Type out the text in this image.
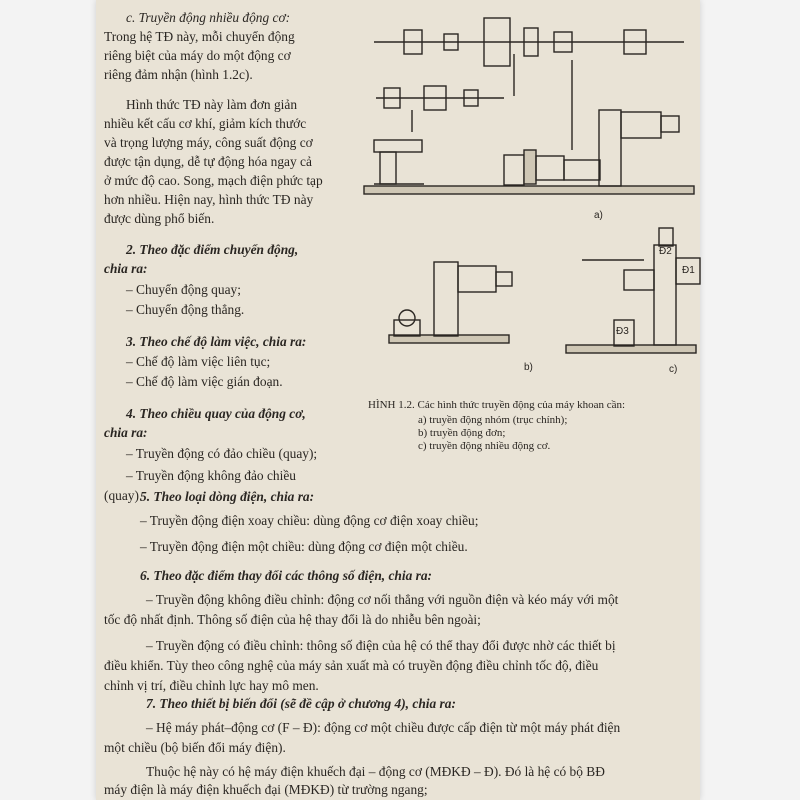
c. Truyền động nhiều động cơ:
Trong hệ TĐ này, mỗi chuyển động
riêng biệt của máy do một động cơ
riêng đảm nhận (hình 1.2c).
Hình thức TĐ này làm đơn giản
nhiều kết cấu cơ khí, giảm kích thước
và trọng lượng máy, công suất động cơ
được tận dụng, dễ tự động hóa ngay cả
ở mức độ cao. Song, mạch điện phức tạp
hơn nhiều. Hiện nay, hình thức TĐ này
được dùng phổ biến.
2. Theo đặc điểm chuyển động,
chia ra:
– Chuyển động quay;
– Chuyển động thẳng.
3. Theo chế độ làm việc, chia ra:
– Chế độ làm việc liên tục;
– Chế độ làm việc gián đoạn.
4. Theo chiều quay của động cơ,
chia ra:
– Truyền động có đảo chiều (quay);
– Truyền động không đảo chiều
(quay).
a)
b)
Đ2
Đ1
Đ3
c)
HÌNH 1.2. Các hình thức truyền động của máy khoan cần:
a) truyền động nhóm (trục chính);
b) truyền động đơn;
c) truyền động nhiều động cơ.
5. Theo loại dòng điện, chia ra:
– Truyền động điện xoay chiều: dùng động cơ điện xoay chiều;
– Truyền động điện một chiều: dùng động cơ điện một chiều.
6. Theo đặc điểm thay đổi các thông số điện, chia ra:
– Truyền động không điều chỉnh: động cơ nối thẳng với nguồn điện và kéo máy với một
tốc độ nhất định. Thông số điện của hệ thay đổi là do nhiễu bên ngoài;
– Truyền động có điều chỉnh: thông số điện của hệ có thể thay đổi được nhờ các thiết bị
điều khiển. Tùy theo công nghệ của máy sản xuất mà có truyền động điều chỉnh tốc độ, điều
chỉnh vị trí, điều chỉnh lực hay mô men.
7. Theo thiết bị biến đổi (sẽ đề cập ở chương 4), chia ra:
– Hệ máy phát–động cơ (F – Đ): động cơ một chiều được cấp điện từ một máy phát điện
một chiều (bộ biến đổi máy điện).
Thuộc hệ này có hệ máy điện khuếch đại – động cơ (MĐKĐ – Đ). Đó là hệ có bộ BĐ
máy điện là máy điện khuếch đại (MĐKĐ) từ trường ngang;
